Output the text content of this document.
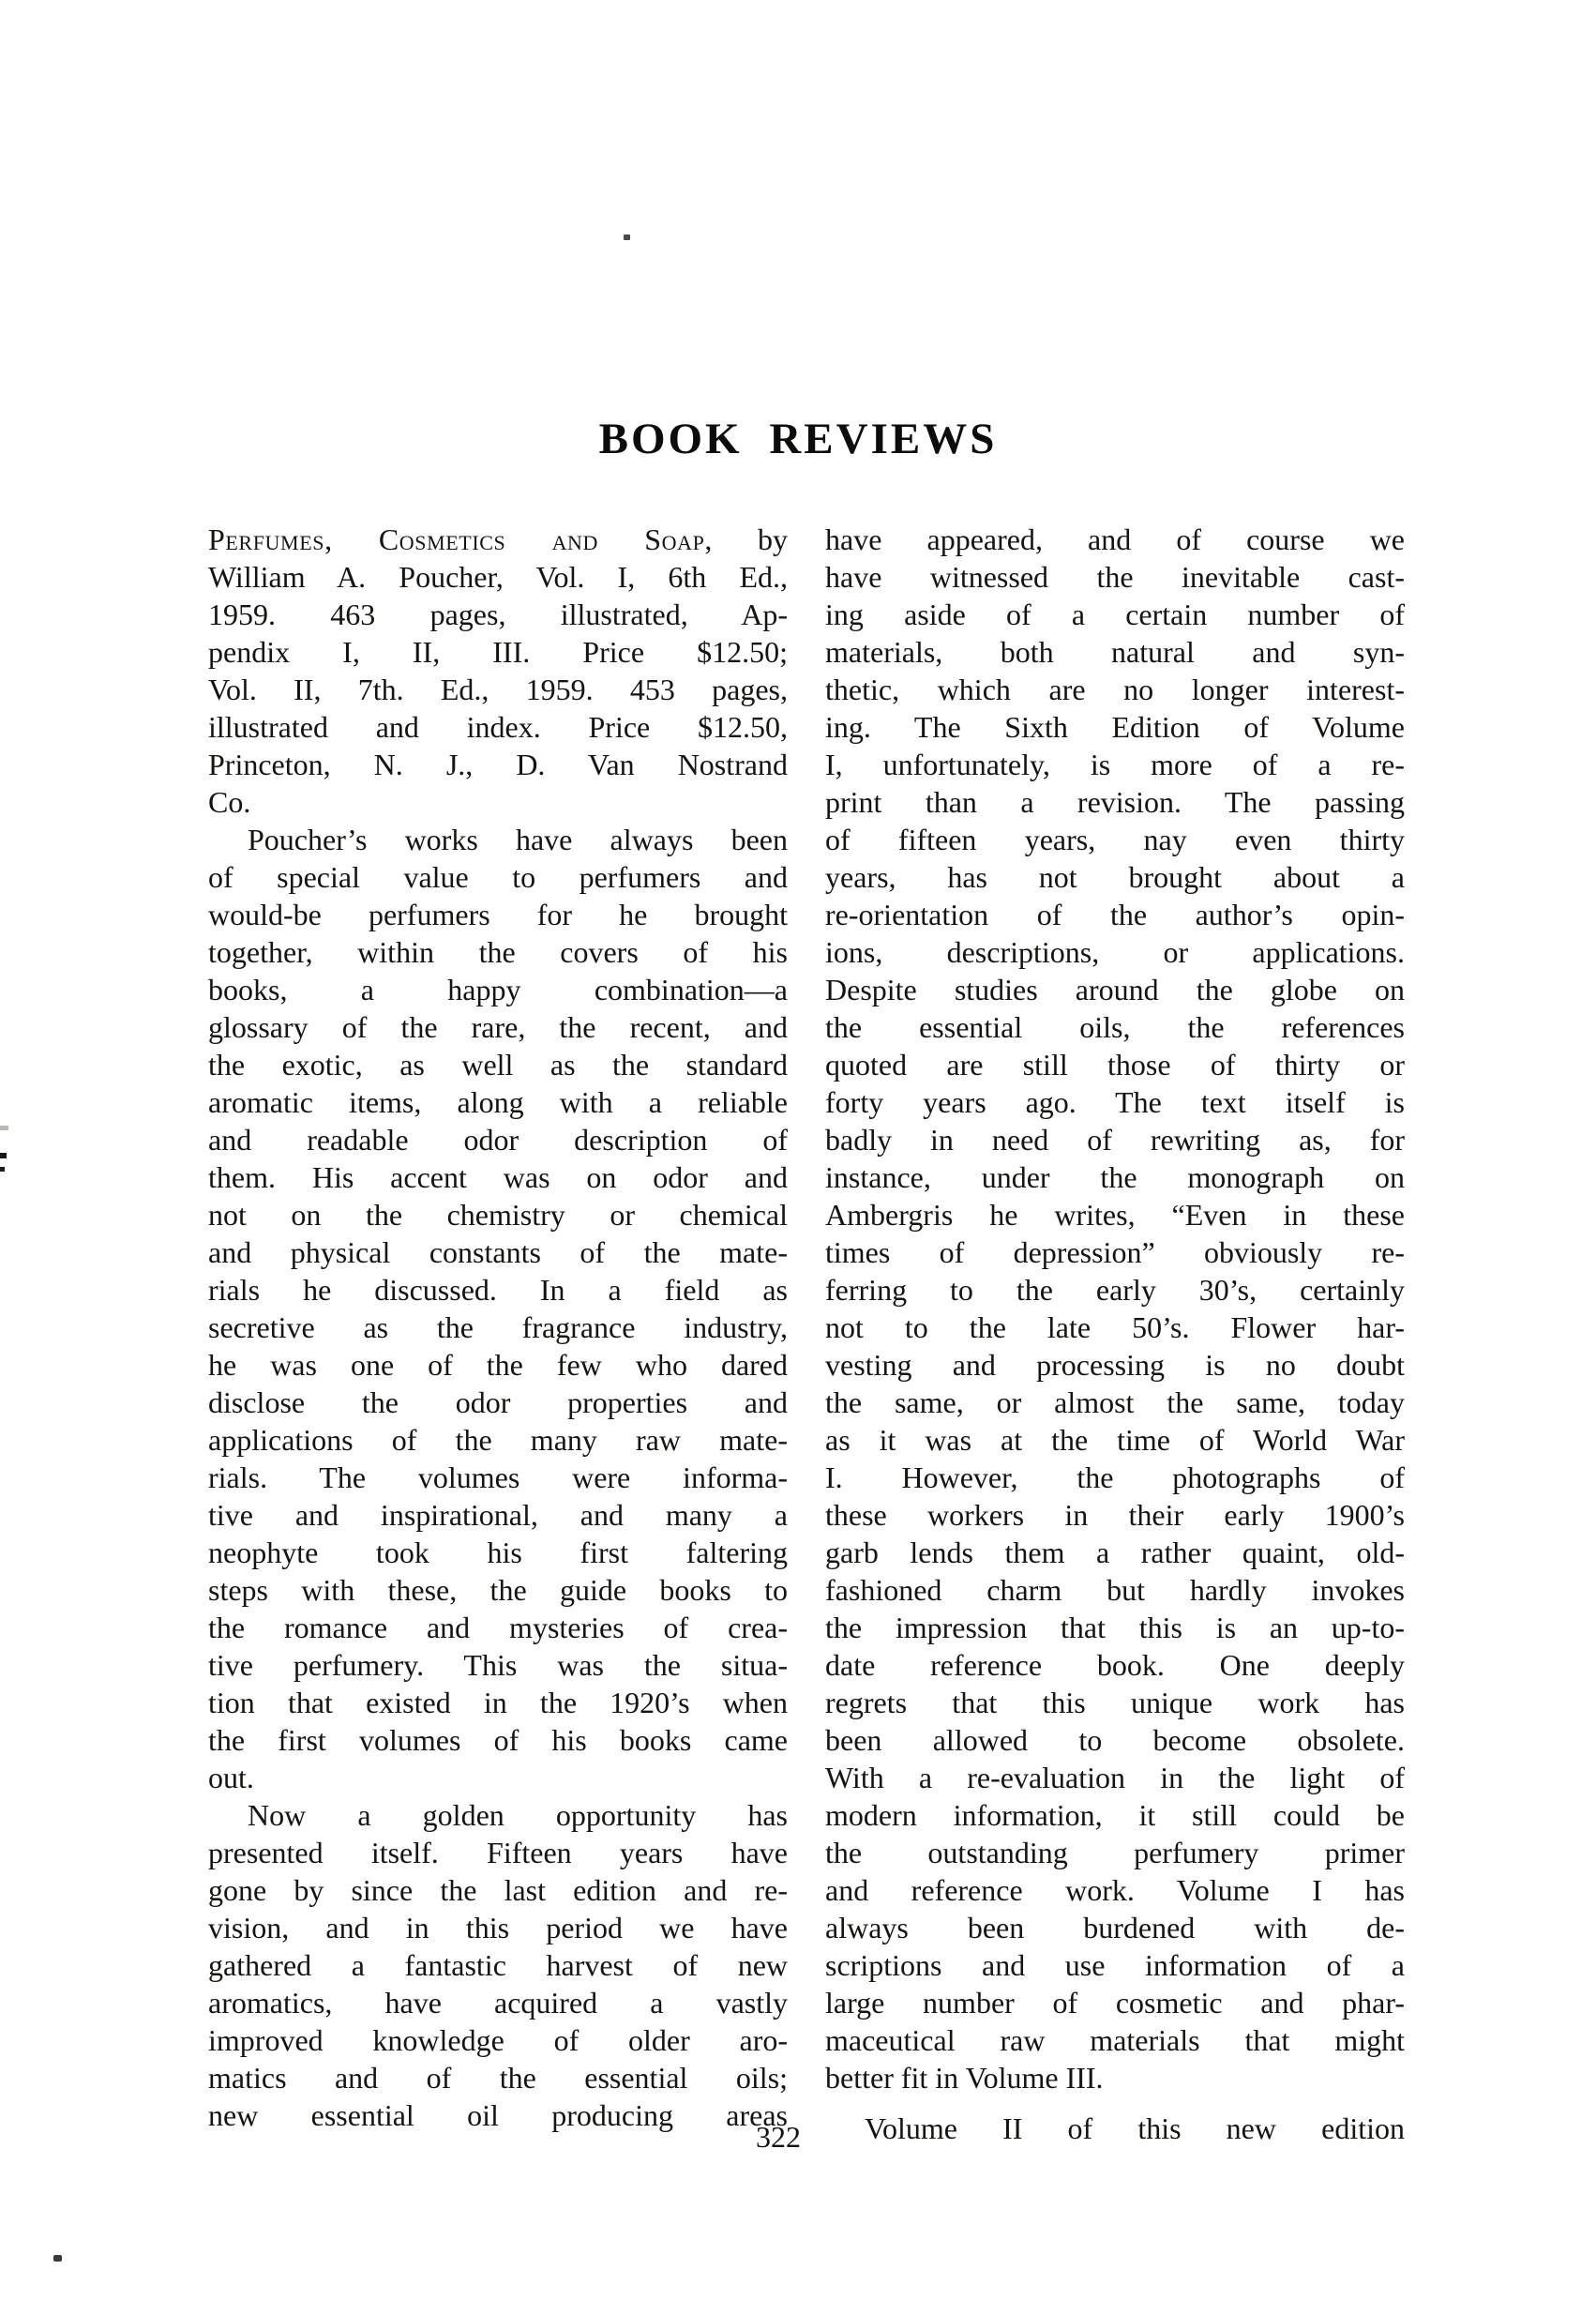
BOOK REVIEWS
Perfumes, Cosmetics and Soap, by
William A. Poucher, Vol. I, 6th Ed.,
1959. 463 pages, illustrated, Ap-
pendix I, II, III. Price $12.50;
Vol. II, 7th. Ed., 1959. 453 pages,
illustrated and index. Price $12.50,
Princeton, N. J., D. Van Nostrand
Co.
Poucher’s works have always been
of special value to perfumers and
would-be perfumers for he brought
together, within the covers of his
books, a happy combination—a
glossary of the rare, the recent, and
the exotic, as well as the standard
aromatic items, along with a reliable
and readable odor description of
them. His accent was on odor and
not on the chemistry or chemical
and physical constants of the mate-
rials he discussed. In a field as
secretive as the fragrance industry,
he was one of the few who dared
disclose the odor properties and
applications of the many raw mate-
rials. The volumes were informa-
tive and inspirational, and many a
neophyte took his first faltering
steps with these, the guide books to
the romance and mysteries of crea-
tive perfumery. This was the situa-
tion that existed in the 1920’s when
the first volumes of his books came
out.
Now a golden opportunity has
presented itself. Fifteen years have
gone by since the last edition and re-
vision, and in this period we have
gathered a fantastic harvest of new
aromatics, have acquired a vastly
improved knowledge of older aro-
matics and of the essential oils;
new essential oil producing areas
have appeared, and of course we
have witnessed the inevitable cast-
ing aside of a certain number of
materials, both natural and syn-
thetic, which are no longer interest-
ing. The Sixth Edition of Volume
I, unfortunately, is more of a re-
print than a revision. The passing
of fifteen years, nay even thirty
years, has not brought about a
re-orientation of the author’s opin-
ions, descriptions, or applications.
Despite studies around the globe on
the essential oils, the references
quoted are still those of thirty or
forty years ago. The text itself is
badly in need of rewriting as, for
instance, under the monograph on
Ambergris he writes, “Even in these
times of depression” obviously re-
ferring to the early 30’s, certainly
not to the late 50’s. Flower har-
vesting and processing is no doubt
the same, or almost the same, today
as it was at the time of World War
I. However, the photographs of
these workers in their early 1900’s
garb lends them a rather quaint, old-
fashioned charm but hardly invokes
the impression that this is an up-to-
date reference book. One deeply
regrets that this unique work has
been allowed to become obsolete.
With a re-evaluation in the light of
modern information, it still could be
the outstanding perfumery primer
and reference work. Volume I has
always been burdened with de-
scriptions and use information of a
large number of cosmetic and phar-
maceutical raw materials that might
better fit in Volume III.
Volume II of this new edition
322
